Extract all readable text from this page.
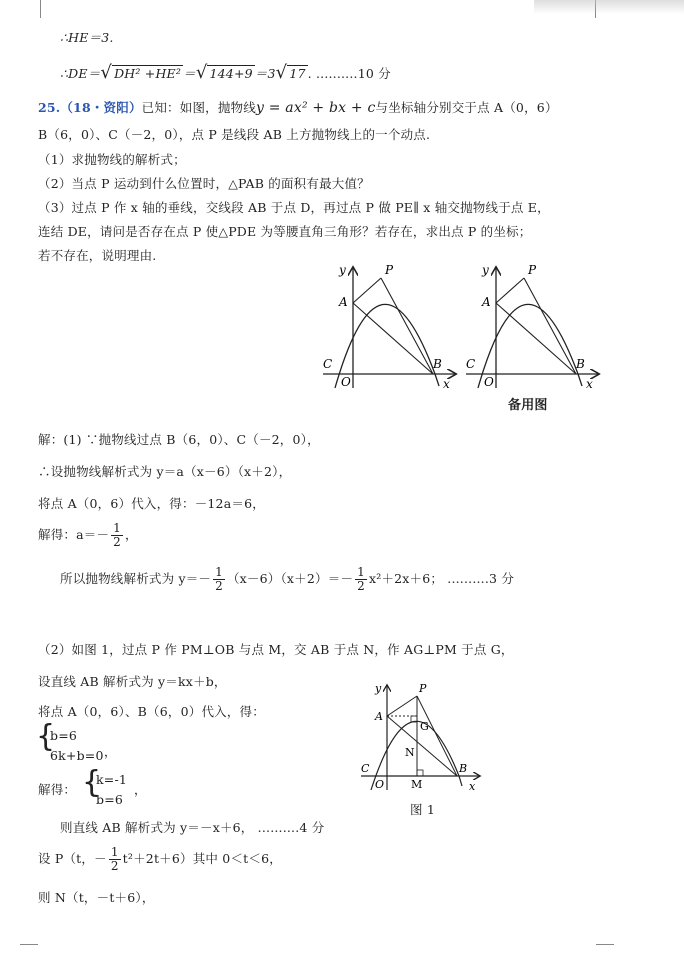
∴HE＝3.
∴DE＝√ DH² +HE² ＝√ 144+9 ＝3√ 17 . ..........10 分
25.（18・资阳）已知：如图，抛物线y = ax² + bx + c与坐标轴分别交于点 A（0，6）
B（6，0）、C（－2，0），点 P 是线段 AB 上方抛物线上的一个动点.
（1）求抛物线的解析式；
（2）当点 P 运动到什么位置时，△PAB 的面积有最大值？
（3）过点 P 作 x 轴的垂线，交线段 AB 于点 D，再过点 P 做 PE∥ x 轴交抛物线于点 E，
连结 DE，请问是否存在点 P 使△PDE 为等腰直角三角形？若存在，求出点 P 的坐标；
若不存在，说明理由.
y	P
A
C
O
B
x
y	P
A
C
O
B
x
备用图
解：(1) ∵抛物线过点 B（6，0）、C（－2，0），
∴设抛物线解析式为 y＝a（x－6）（x＋2），
将点 A（0，6）代入，得：－12a＝6，
解得：$a=- \frac{1}{2}$ ，
所以抛物线解析式为 $y=- \frac{1}{2} (x-6)(x+2)=- \frac{1}{2} x^2+2x+6$； ..........3 分
（2）如图 1，过点 P 作 PM⊥OB 与点 M，交 AB 于点 N，作 AG⊥PM 于点 G，
设直线 AB 解析式为 y＝kx＋b，
将点 A（0，6）、B（6，0）代入，得：
{
b=6
6k+b=0 ，
解得： {
k=-1
b=6
，
则直线 AB 解析式为 y＝－x＋6， ..........4 分
设 P（t，－ $\frac{1}{2} t^2+2t+6$）其中 0＜t＜6，
则 N（t，－t＋6），
y	P
A
G
N
C
O M
B
x
图 1
